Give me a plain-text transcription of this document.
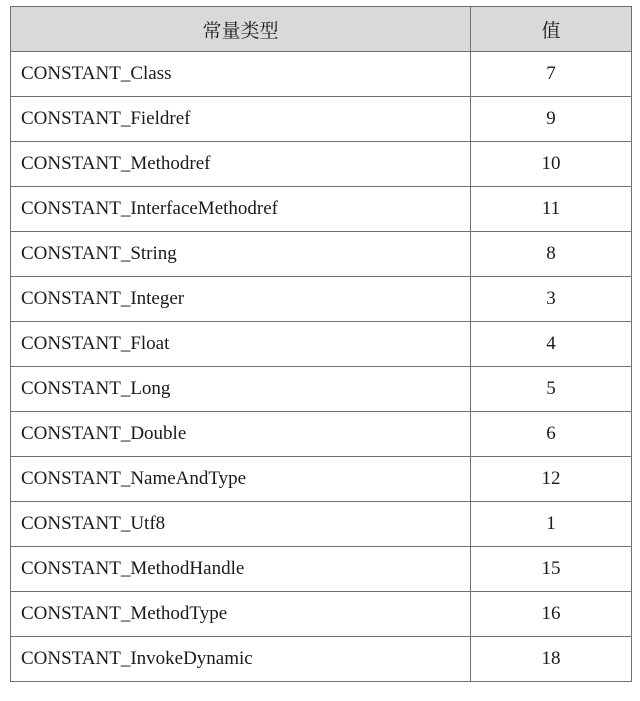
常量类型	值
CONSTANT_Class	7
CONSTANT_Fieldref	9
CONSTANT_Methodref	10
CONSTANT_InterfaceMethodref	11
CONSTANT_String	8
CONSTANT_Integer	3
CONSTANT_Float	4
CONSTANT_Long	5
CONSTANT_Double	6
CONSTANT_NameAndType	12
CONSTANT_Utf8	1
CONSTANT_MethodHandle	15
CONSTANT_MethodType	16
CONSTANT_InvokeDynamic	18
